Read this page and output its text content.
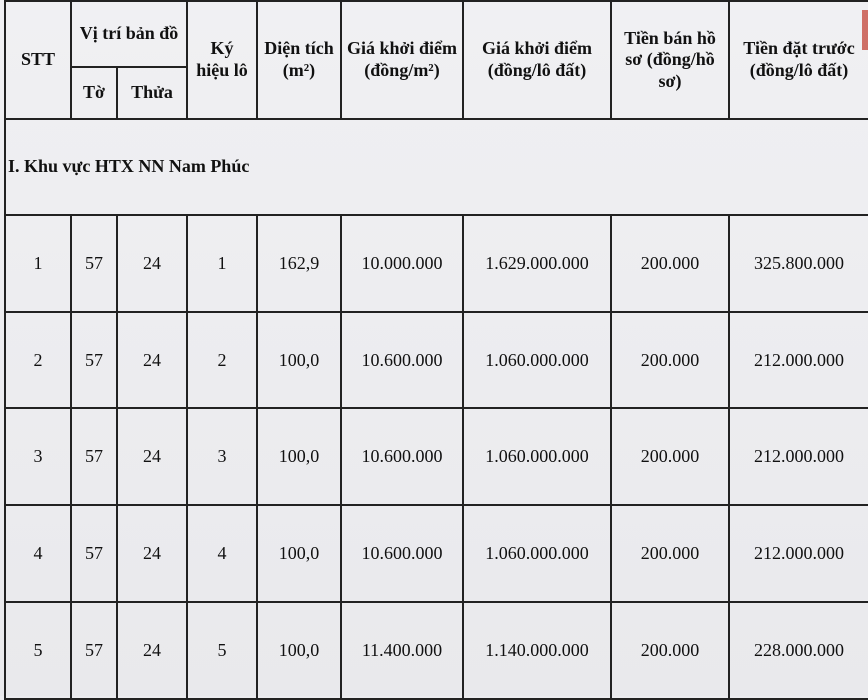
STT	Vị trí bản đồ		Ký hiệu lô	Diện tích (m²)	Giá khởi điểm (đồng/m²)	Giá khởi điểm (đồng/lô đất)	Tiền bán hồ sơ (đồng/hồ sơ)	Tiền đặt trước (đồng/lô đất)
	Tờ	Thửa						
I. Khu vực HTX NN Nam Phúc								
1	57	24	1	162,9	10.000.000	1.629.000.000	200.000	325.800.000
2	57	24	2	100,0	10.600.000	1.060.000.000	200.000	212.000.000
3	57	24	3	100,0	10.600.000	1.060.000.000	200.000	212.000.000
4	57	24	4	100,0	10.600.000	1.060.000.000	200.000	212.000.000
5	57	24	5	100,0	11.400.000	1.140.000.000	200.000	228.000.000
